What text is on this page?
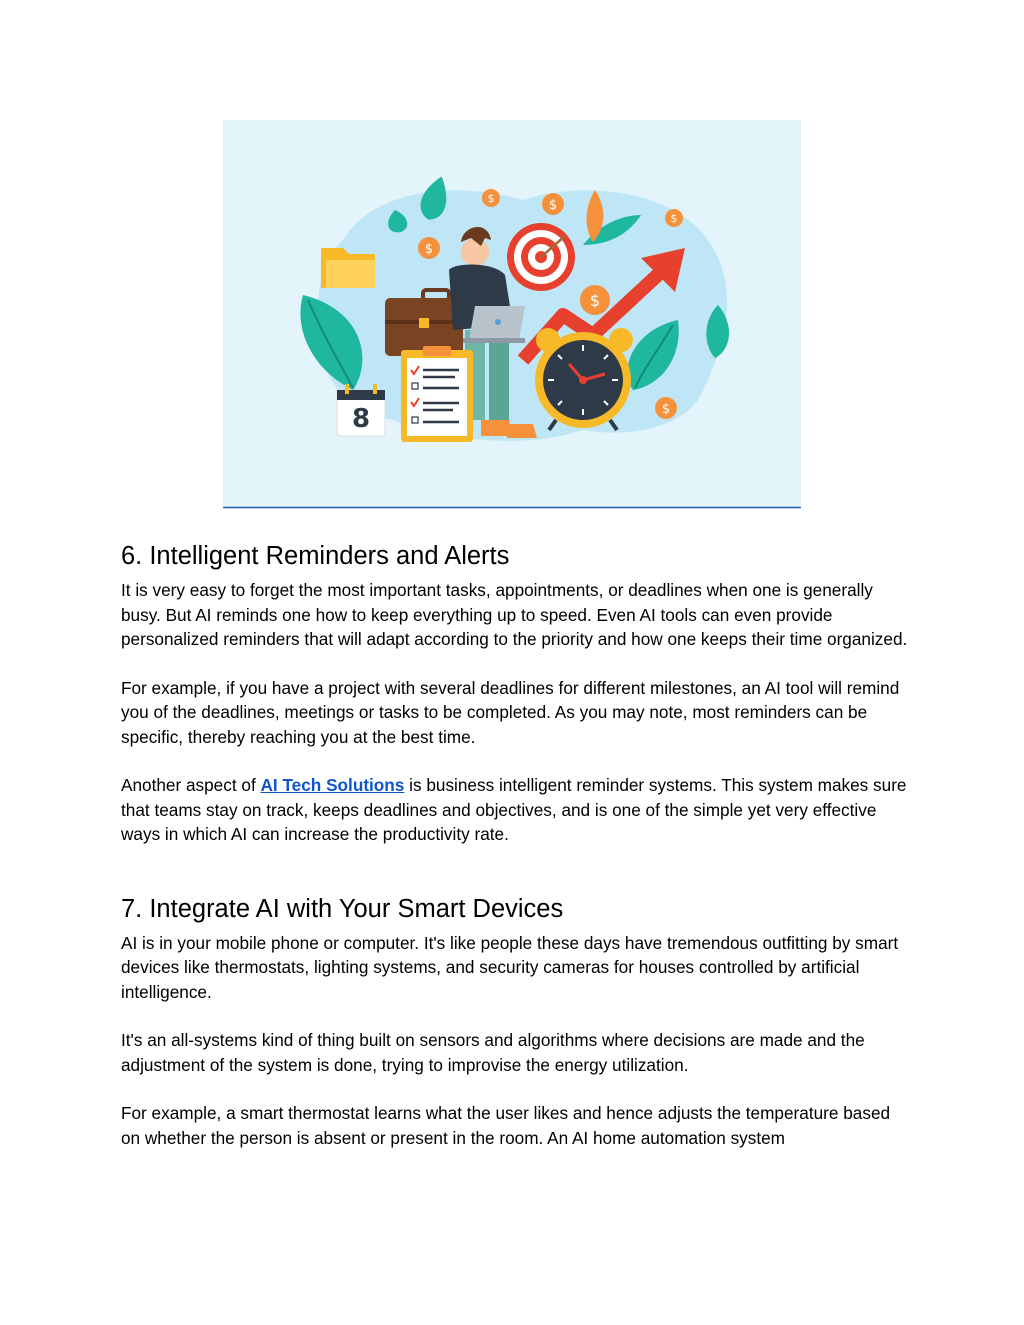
$
$	$
$
$
$
8
6. Intelligent Reminders and Alerts

It is very easy to forget the most important tasks, appointments, or deadlines when one is generally busy. But AI reminds one how to keep everything up to speed. Even AI tools can even provide personalized reminders that will adapt according to the priority and how one keeps their time organized.

For example, if you have a project with several deadlines for different milestones, an AI tool will remind you of the deadlines, meetings or tasks to be completed. As you may note, most reminders can be specific, thereby reaching you at the best time.

Another aspect of AI Tech Solutions is business intelligent reminder systems. This system makes sure that teams stay on track, keeps deadlines and objectives, and is one of the simple yet very effective ways in which AI can increase the productivity rate.

7. Integrate AI with Your Smart Devices

AI is in your mobile phone or computer. It's like people these days have tremendous outfitting by smart devices like thermostats, lighting systems, and security cameras for houses controlled by artificial intelligence.

It's an all-systems kind of thing built on sensors and algorithms where decisions are made and the adjustment of the system is done, trying to improvise the energy utilization.

For example, a smart thermostat learns what the user likes and hence adjusts the temperature based on whether the person is absent or present in the room. An AI home automation system
